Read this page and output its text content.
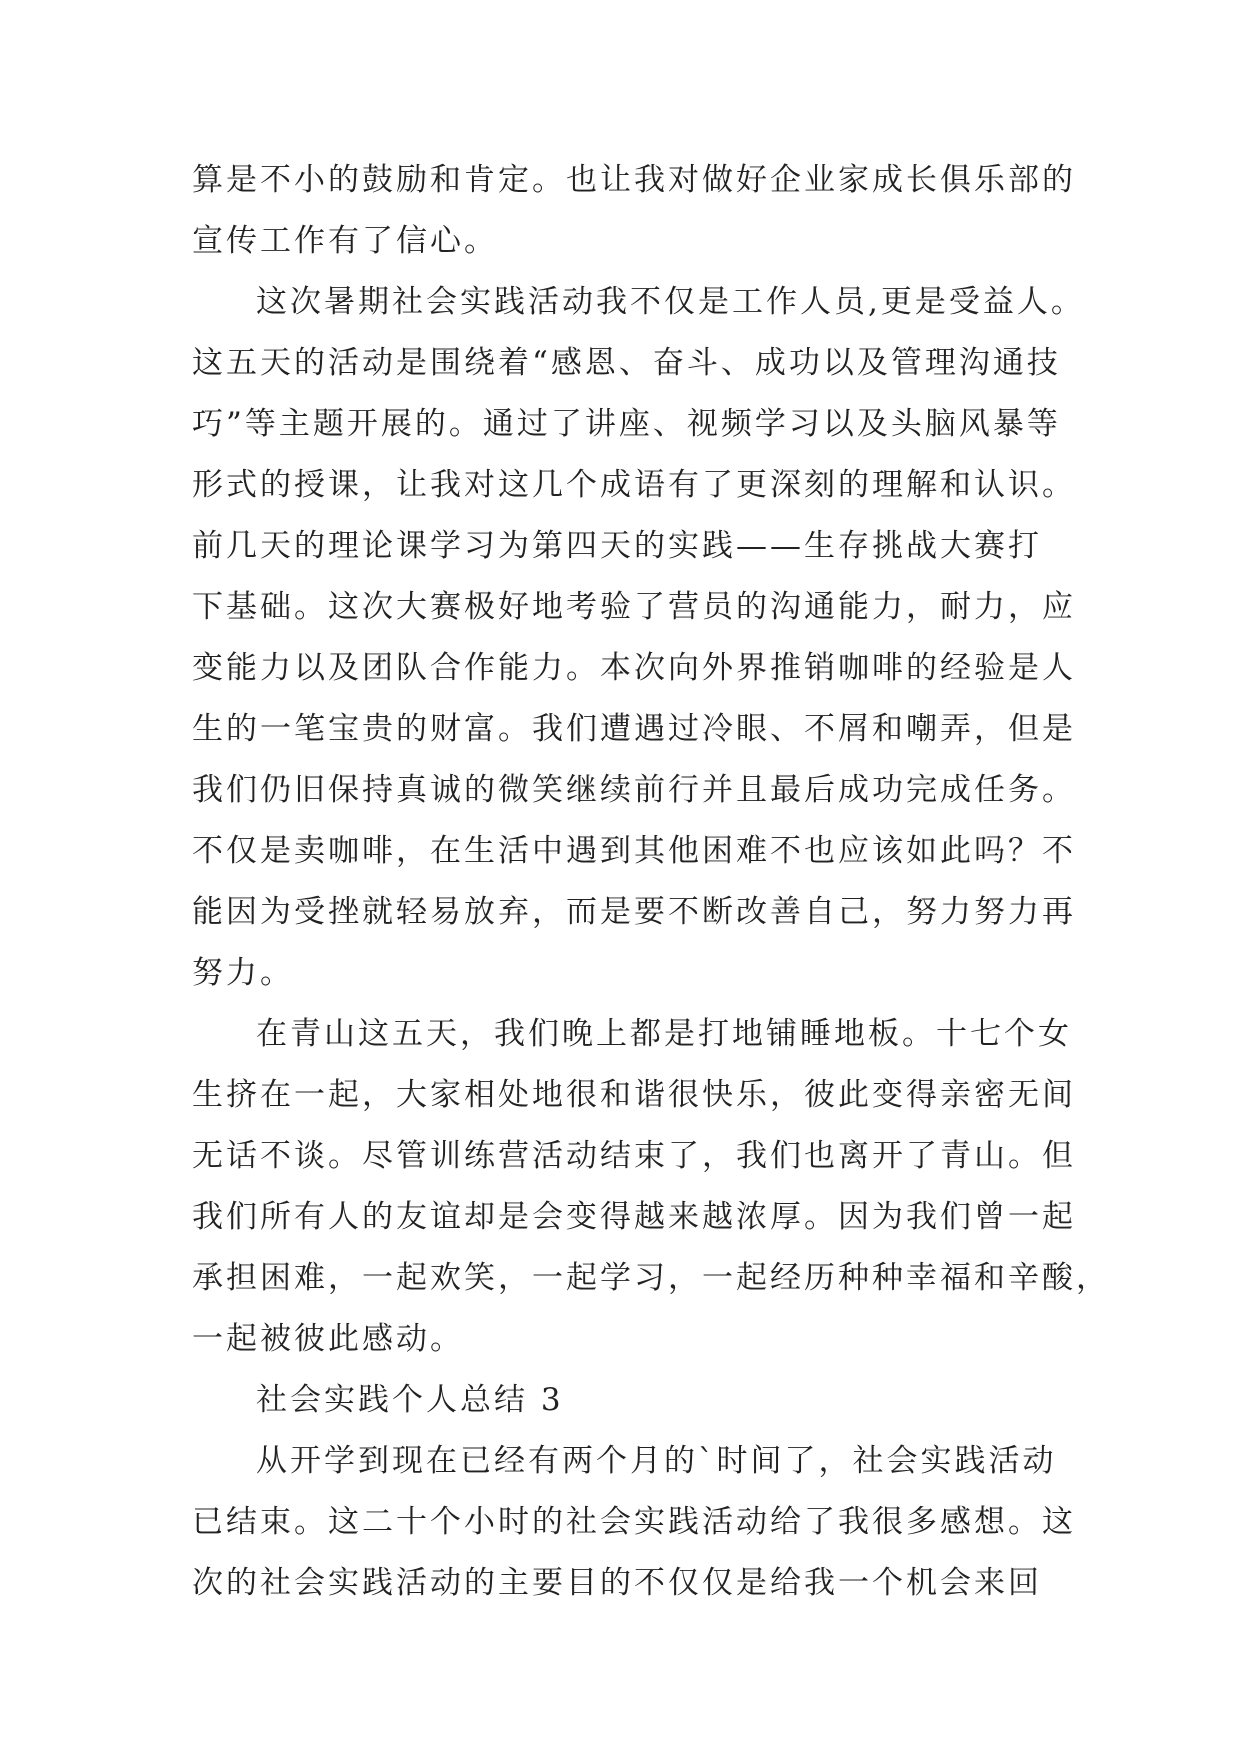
算是不小的鼓励和肯定。也让我对做好企业家成长俱乐部的
宣传工作有了信心。
这次暑期社会实践活动我不仅是工作人员,更是受益人。
这五天的活动是围绕着“感恩、奋斗、成功以及管理沟通技
巧”等主题开展的。通过了讲座、视频学习以及头脑风暴等
形式的授课，让我对这几个成语有了更深刻的理解和认识。
前几天的理论课学习为第四天的实践——生存挑战大赛打
下基础。这次大赛极好地考验了营员的沟通能力，耐力，应
变能力以及团队合作能力。本次向外界推销咖啡的经验是人
生的一笔宝贵的财富。我们遭遇过冷眼、不屑和嘲弄，但是
我们仍旧保持真诚的微笑继续前行并且最后成功完成任务。
不仅是卖咖啡，在生活中遇到其他困难不也应该如此吗？不
能因为受挫就轻易放弃，而是要不断改善自己，努力努力再
努力。
在青山这五天，我们晚上都是打地铺睡地板。十七个女
生挤在一起，大家相处地很和谐很快乐，彼此变得亲密无间
无话不谈。尽管训练营活动结束了，我们也离开了青山。但
我们所有人的友谊却是会变得越来越浓厚。因为我们曾一起
承担困难，一起欢笑，一起学习，一起经历种种幸福和辛酸，
一起被彼此感动。
社会实践个人总结 3
从开学到现在已经有两个月的`时间了，社会实践活动
已结束。这二十个小时的社会实践活动给了我很多感想。这
次的社会实践活动的主要目的不仅仅是给我一个机会来回
